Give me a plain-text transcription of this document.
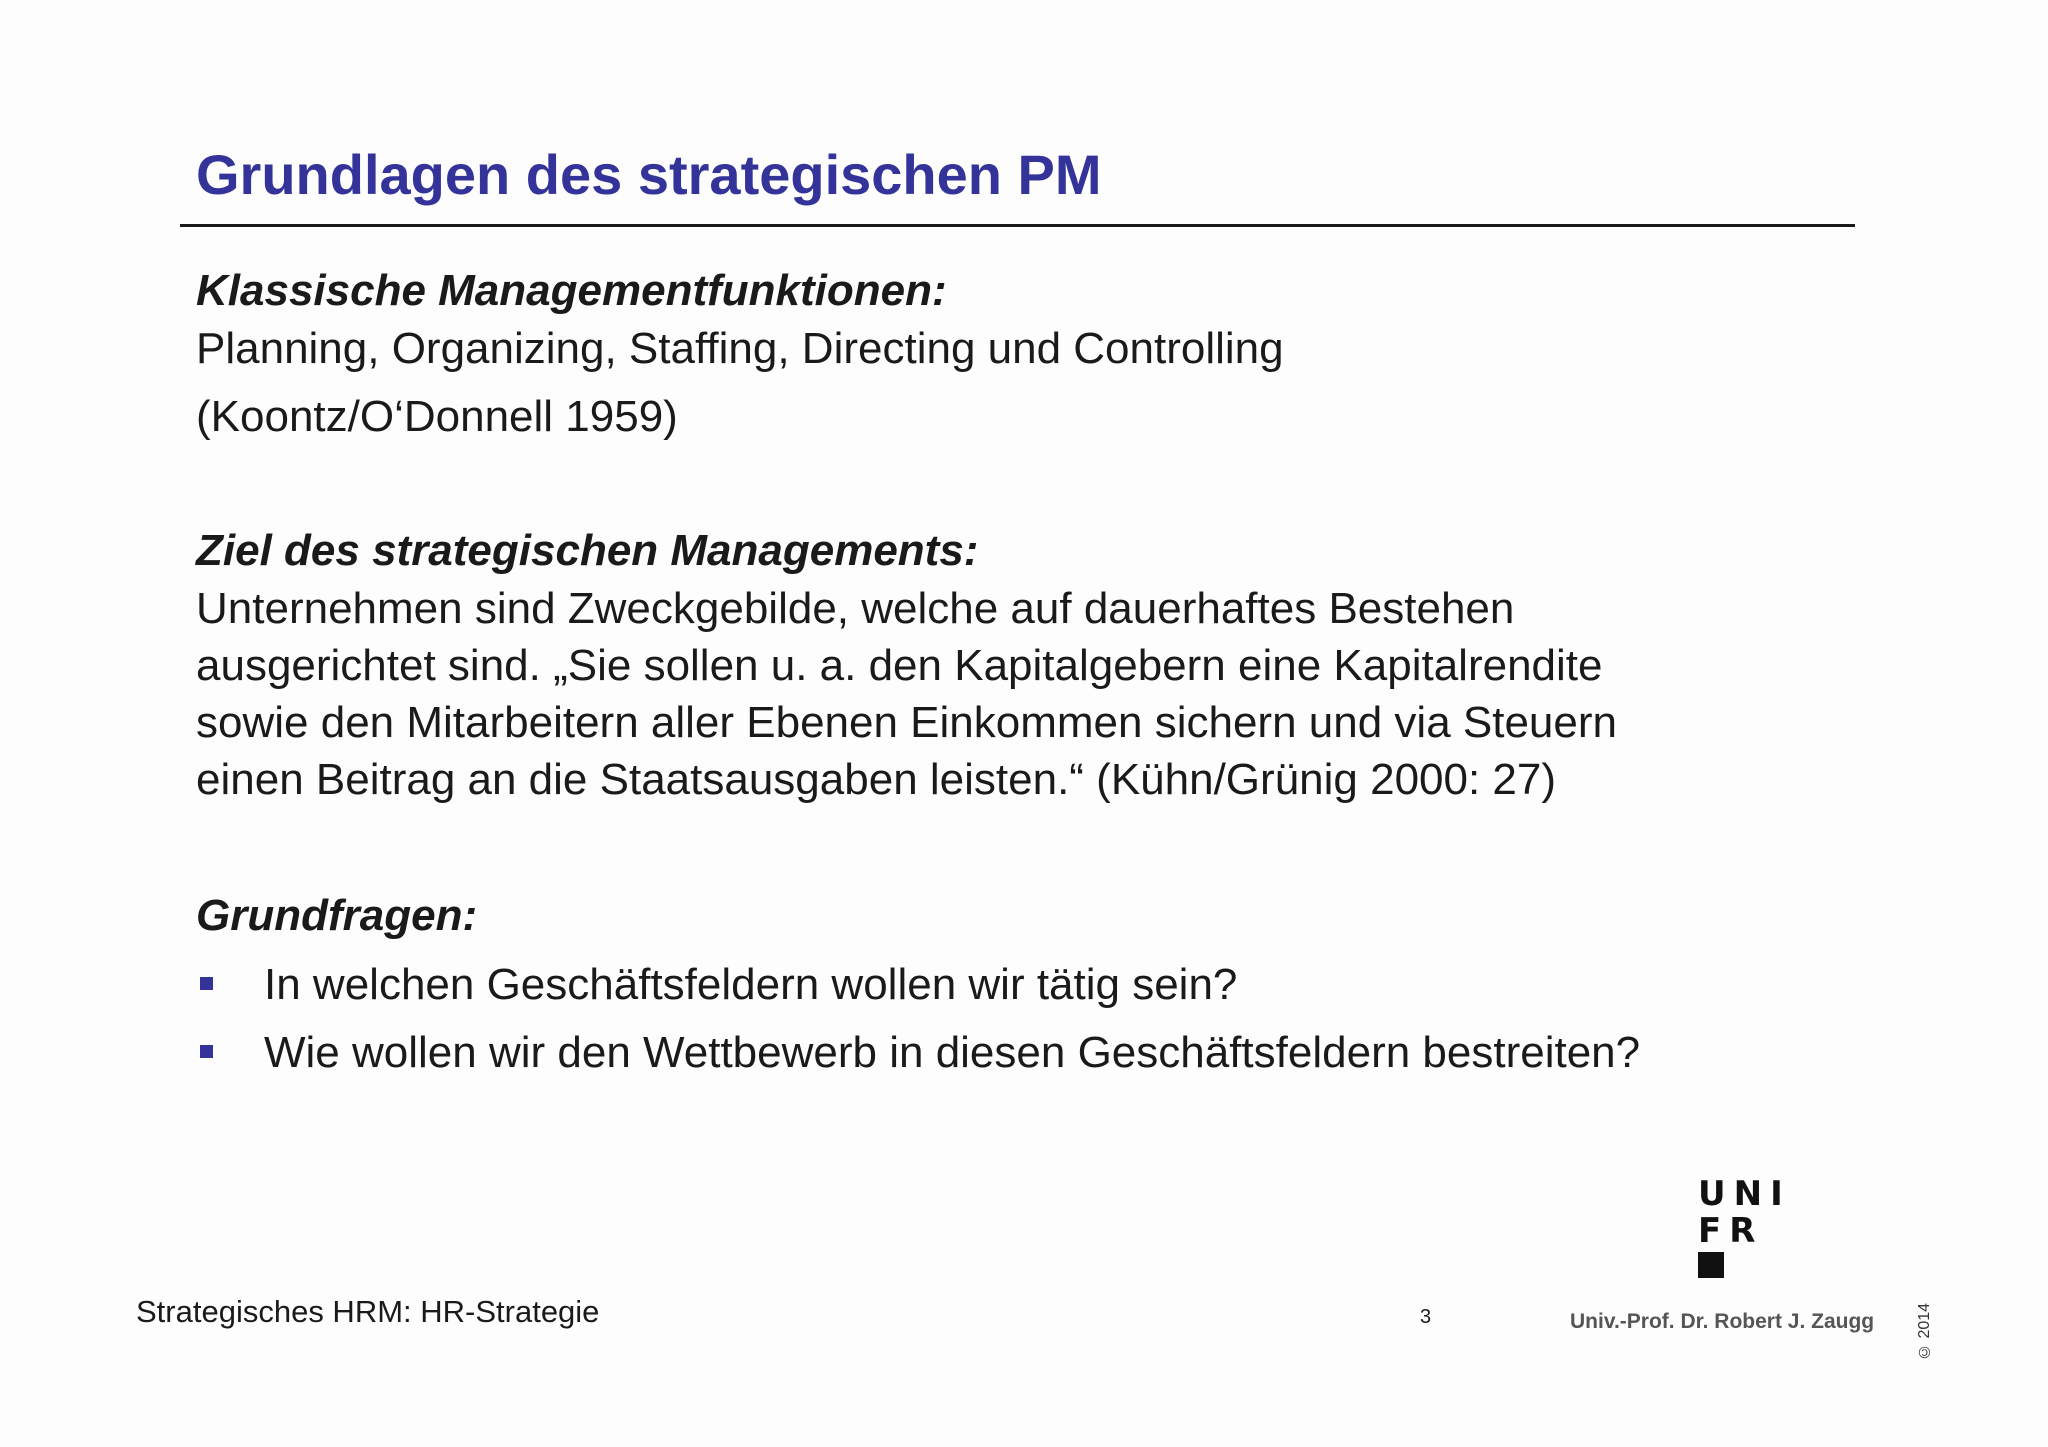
Grundlagen des strategischen PM

Klassische Managementfunktionen:

Planning, Organizing, Staffing, Directing und Controlling

(Koontz/O‘Donnell 1959)

Ziel des strategischen Managements:

Unternehmen sind Zweckgebilde, welche auf dauerhaftes Bestehen

ausgerichtet sind. „Sie sollen u. a. den Kapitalgebern eine Kapitalrendite

sowie den Mitarbeitern aller Ebenen Einkommen sichern und via Steuern

einen Beitrag an die Staatsausgaben leisten.“ (Kühn/Grünig 2000: 27)

Grundfragen:

In welchen Geschäftsfeldern wollen wir tätig sein?
Wie wollen wir den Wettbewerb in diesen Geschäftsfeldern bestreiten?
UNI
FR
Strategisches HRM: HR-Strategie	3	Univ.-Prof. Dr. Robert J. Zaugg	© 2014
